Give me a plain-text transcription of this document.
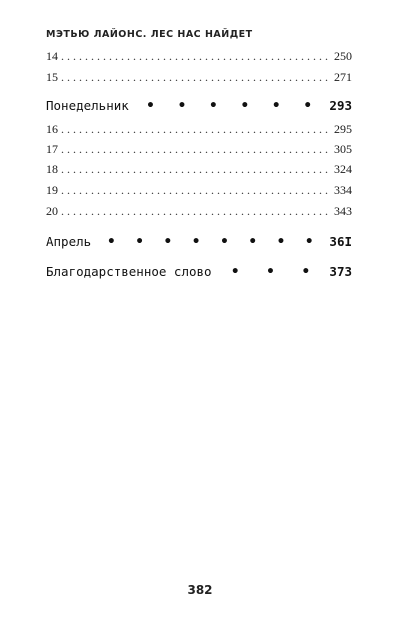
МЭТЬЮ ЛАЙОНС. ЛЕС НАС НАЙДЕТ
14 . . .	250
15 . . .	271
Понедельник • • • • • • 293
16 . . .	295
17 . . .	305
18 . . .	324
19 . . .	334
20 . . .	343
Апрель • • • • • • • • 36I
Благодарственное слово • • • 373
382
